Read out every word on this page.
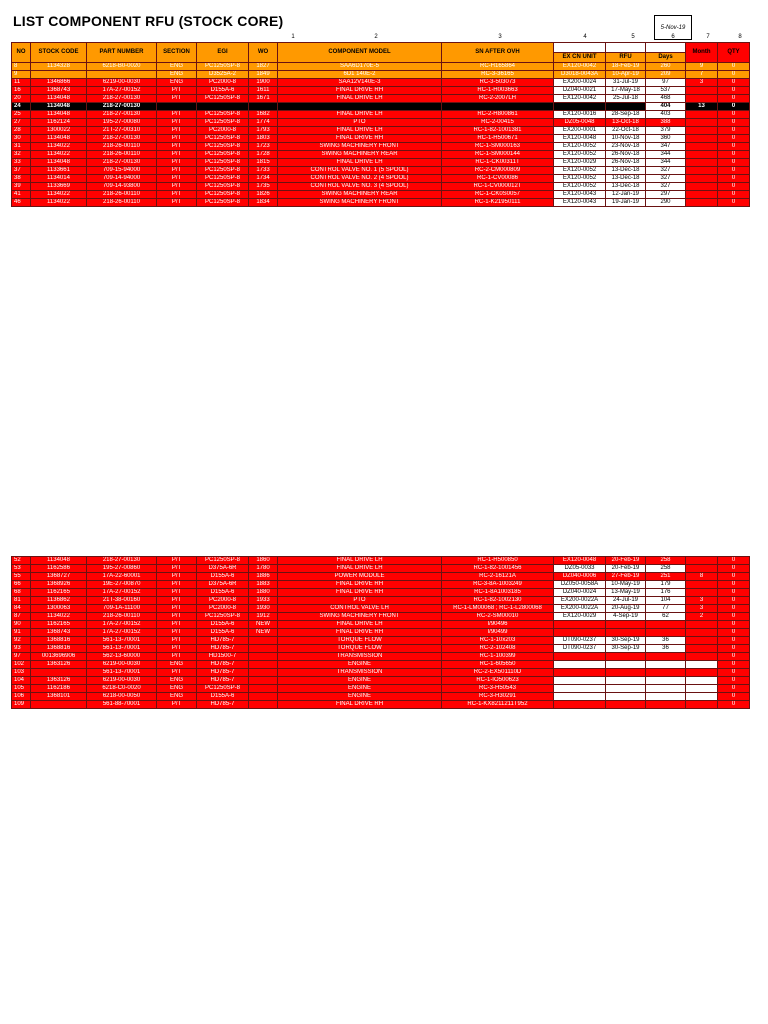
LIST COMPONENT RFU (STOCK CORE)	5-Nov-19
1	2	3	4	5	6	7	8
NO	STOCK CODE	PART NUMBER	SECTION	EGI	WO	COMPONENT MODEL	SN AFTER OVH				Month	QTY
								EX CN UNIT	RFU	Days		
8	1134328	6218-B0-0020	ENG	PC1250SP-8	1827	SAA6D170E-5	RC-H165864	EX120-0042	18-Feb-19	260	9	0
9			ENG	D3525A-2	1849	6D1 140E-2	RC-3-36165	D3018-0043A	10-Apr-19	209	7	0
11	1346866	6219-00-0030	ENG	PC2000-8	1900	SAA12V140E-3	RC-3-503073	EX200-0024	31-Jul-19	97	3	0
16	1368743	17A-27-00152	P/T	D155A-6	1611	FINAL DRIVE RH	RC-1-H003663	DZ040-0021	17-May-18	537		0
20	1134048	218-27-00130	P/T	PC1250SP-8	1671	FINAL DRIVE LH	RC-2-2007LH	EX120-0042	25-Jul-18	468		0
24	1134048	218-27-00130								404	13	0
25	1134048	218-27-00130	P/T	PC1250SP-8	1682	FINAL DRIVE LH	RC-2-H800861	EX120-0016	28-Sep-18	403		0
27	1162124	195-27-00080	P/T	PC1250SP-8	1774	PTO	RC-2-00415	DZ05-0048	13-Oct-18	388		0
28	1300022	21T-27-00310	P/T	PC2000-8	1793	FINAL DRIVE LH	RC-1-82-1001381	EX200-0001	22-Oct-18	379		0
30	1134048	218-27-00130	P/T	PC1250SP-8	1803	FINAL DRIVE RH	RC-1-H500671	EX120-0048	10-Nov-18	360		0
31	1134022	218-26-00110	P/T	PC1250SP-8	1723	SWING MACHINERY FRONT	RC-1-SM000163	EX120-0052	23-Nov-18	347		0
32	1134022	218-26-00110	P/T	PC1250SP-8	1728	SWING MACHINERY REAR	RC-1-SM000144	EX120-0052	26-Nov-18	344		0
33	1134048	218-27-00130	P/T	PC1250SP-8	1815	FINAL DRIVE LH	RC-1-CK00311T	EX120-0029	26-Nov-18	344		0
37	1133661	709-15-94000	P/T	PC1250SP-8	1733	CONTROL VALVE NO. 1 (5 SPOOL)	RC-2-CM000809	EX120-0052	13-Dec-18	327		0
38	1134014	709-14-94000	P/T	PC1250SP-8	1734	CONTROL VALVE NO. 2 (4 SPOOL)	RC-1-CV00086	EX120-0052	13-Dec-18	327		0
39	1133669	709-14-93800	P/T	PC1250SP-8	1735	CONTROL VALVE NO. 3 (4 SPOOL)	RC-1-CV000012T	EX120-0052	13-Dec-18	327		0
41	1134022	218-26-00110	P/T	PC1250SP-8	1826	SWING MACHINERY REAR	RC-1-CK0S0057	EX120-0043	12-Jan-19	297		0
46	1134022	218-26-00110	P/T	PC1250SP-8	1834	SWING MACHINERY FRONT	RC-1-K21950111	EX120-0043	19-Jan-19	290		0
52	1134048	218-27-00130	P/T	PC1250SP-8	1860	FINAL DRIVE LH	RC-1-H500850	EX120-0048	20-Feb-19	258		0
53	1162586	195-27-00860	P/T	D375A-6R	1780	FINAL DRIVE LH	RC-1-82-1001456	DZ05-0033	20-Feb-19	258		0
55	1368727	17A-22-60001	P/T	D155A-6	1886	POWER MODULE	RC-2-16121A	DZ040-0006	27-Feb-19	251	8	0
66	1368926	19E-27-00870	P/T	D375A-6R	1883	FINAL DRIVE RH	RC-3-8A-1003249	DZ050-0058A	10-May-19	179		0
68	1162165	17A-27-00152	P/T	D155A-6	1880	FINAL DRIVE RH	RC-1-8A1003185	DZ040-0024	13-May-19	176		0
81	1136862	21T-38-00160	P/T	PC2000-8	1933	PTO	RC-1-82-1002130	EX200-0022A	24-Jul-19	104	3	0
84	1300063	709-1A-11100	P/T	PC2000-8	1930	CONTROL VALVE LH	RC-1-LM00068 ; RC-1-L2800068	EX200-0022A	20-Aug-19	77	3	0
87	1134022	218-26-00110	P/T	PC1250SP-8	1912	SWING MACHINERY FRONT	RC-2-SM00010	EX120-0029	4-Sep-19	62	2	0
90	1162165	17A-27-00152	P/T	D155A-6	NEW	FINAL DRIVE LH	I/90496					0
91	1368743	17A-27-00152	P/T	D155A-6	NEW	FINAL DRIVE RH	I/90499					0
92	1368816	561-13-70001	P/T	HD785-7		TORQUE FLOW	RC-1-10x203	DT090-0237	30-Sep-19	36		0
93	1368816	561-13-70001	P/T	HD785-7		TORQUE FLOW	RC-2-102408	DT090-0237	30-Sep-19	36		0
97	0013696906	562-13-60000	P/T	HD1500-7		TRANSMISSION	RC-1-100399					0
102	1363126	6219-00-0030	ENG	HD785-7		ENGINE	RC-1-605650					0
103		561-13-70001	P/T	HD785-7		TRANSMISSION	RC-2-EX501110D					0
104	1363126	6219-00-0030	ENG	HD785-7		ENGINE	RC-1-IO500623					0
105	1162186	6218-C0-0020	ENG	PC1250SP-8		ENGINE	RC-3-H50543					0
106	1368101	6218-00-0050	ENG	D155A-6		ENGINE	RC-3-H30291					0
109		561-88-70001	P/T	HD785-7		FINAL DRIVE RH	RC-1-KX8211211T952					0
